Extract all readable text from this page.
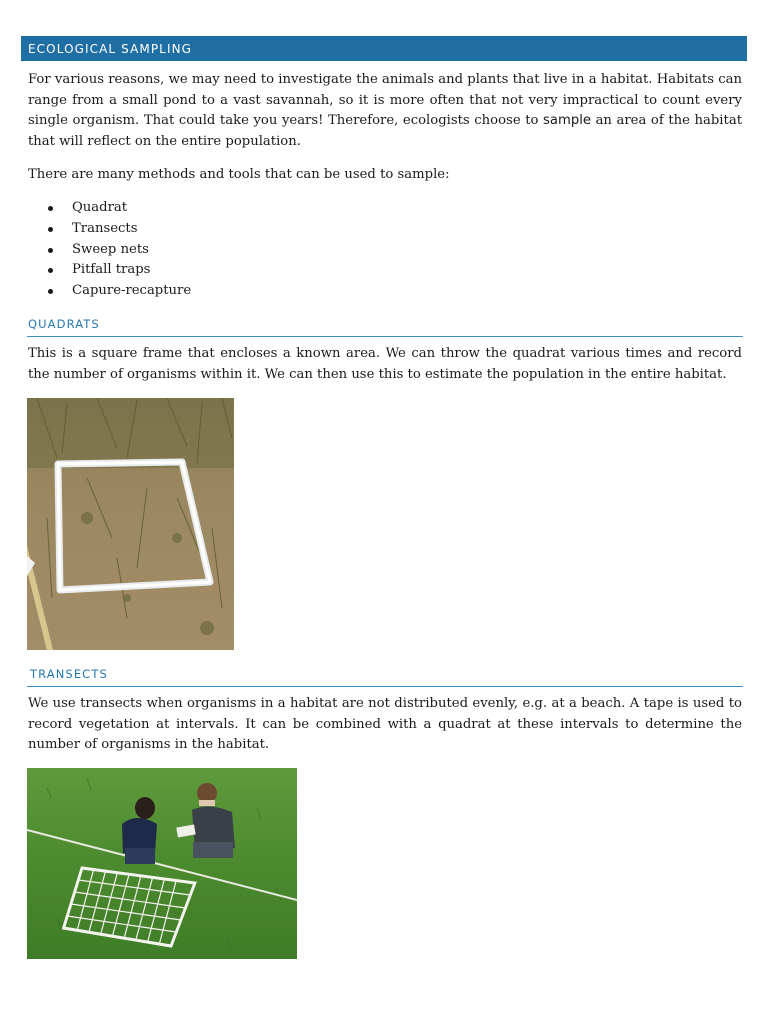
ECOLOGICAL SAMPLING

For various reasons, we may need to investigate the animals and plants that live in a habitat. Habitats can range from a small pond to a vast savannah, so it is more often that not very impractical to count every single organism. That could take you years! Therefore, ecologists choose to sample an area of the habitat that will reflect on the entire population.

There are many methods and tools that can be used to sample:

Quadrat
Transects
Sweep nets
Pitfall traps
Capure-recapture
QUADRATS

This is a square frame that encloses a known area. We can throw the quadrat various times and record the number of organisms within it. We can then use this to estimate the population in the entire habitat.

TRANSECTS

We use transects when organisms in a habitat are not distributed evenly, e.g. at a beach. A tape is used to record vegetation at intervals. It can be combined with a quadrat at these intervals to determine the number of organisms in the habitat.
